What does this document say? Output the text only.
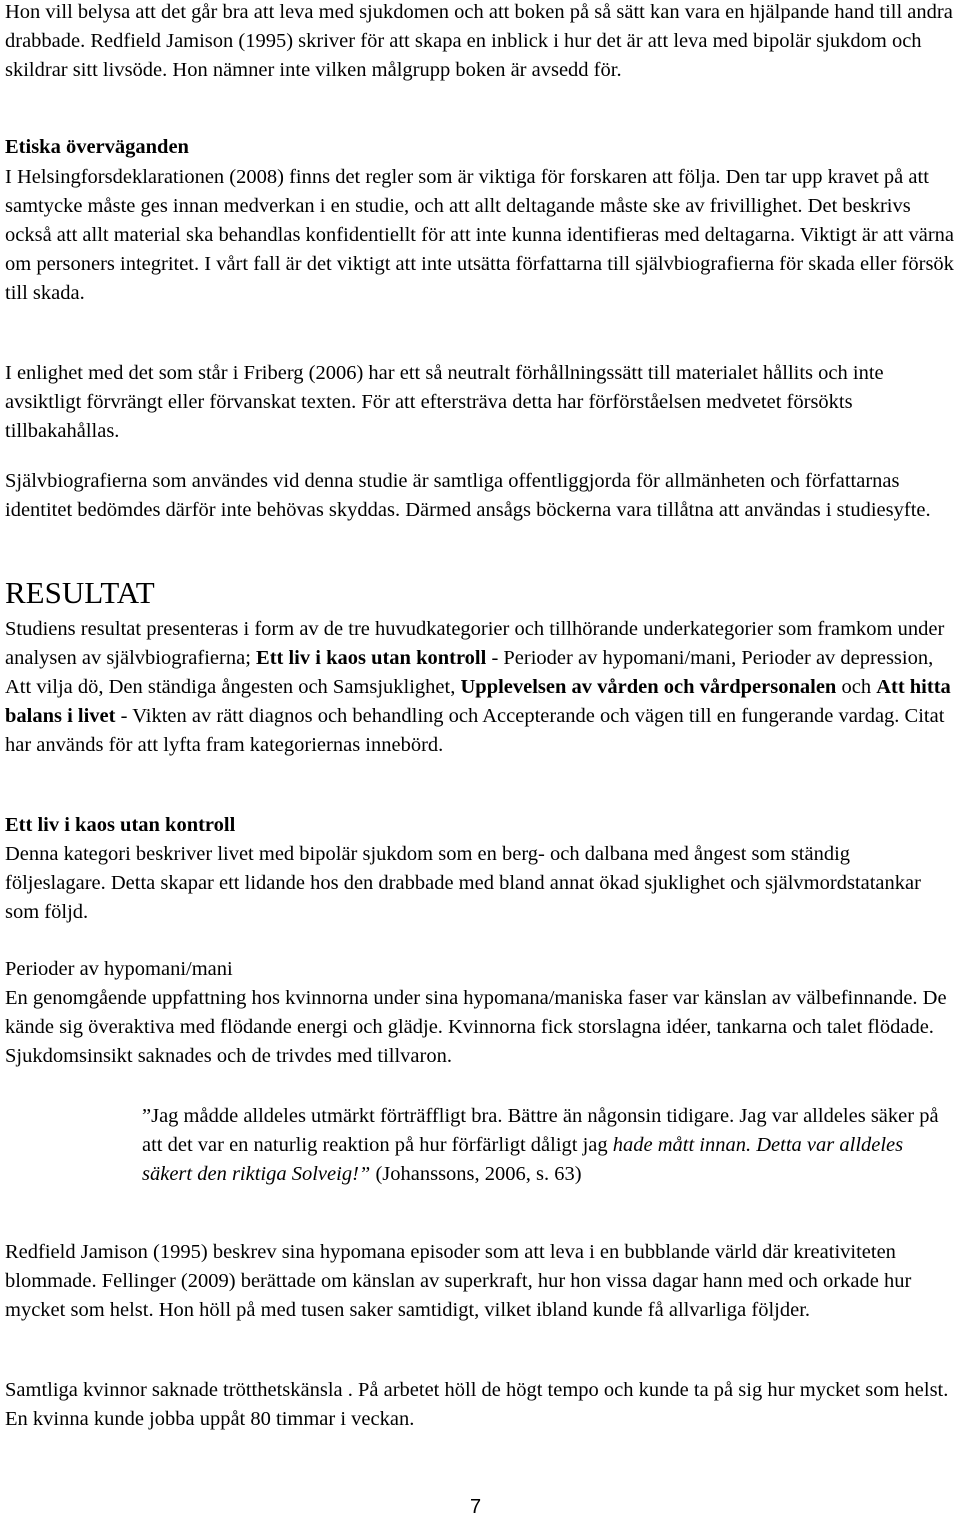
Hon vill belysa att det går bra att leva med sjukdomen och att boken på så sätt kan vara en hjälpande hand till andra drabbade. Redfield Jamison (1995) skriver för att skapa en inblick i hur det är att leva med bipolär sjukdom och skildrar sitt livsöde. Hon nämner inte vilken målgrupp boken är avsedd för.

Etiska överväganden

I Helsingforsdeklarationen (2008) finns det regler som är viktiga för forskaren att följa. Den tar upp kravet på att samtycke måste ges innan medverkan i en studie, och att allt deltagande måste ske av frivillighet. Det beskrivs också att allt material ska behandlas konfidentiellt för att inte kunna identifieras med deltagarna. Viktigt är att värna om personers integritet. I vårt fall är det viktigt att inte utsätta författarna till självbiografierna för skada eller försök till skada.

I enlighet med det som står i Friberg (2006) har ett så neutralt förhållningssätt till materialet hållits och inte avsiktligt förvrängt eller förvanskat texten. För att eftersträva detta har förförståelsen medvetet försökts tillbakahållas.

Självbiografierna som användes vid denna studie är samtliga offentliggjorda för allmänheten och författarnas identitet bedömdes därför inte behövas skyddas. Därmed ansågs böckerna vara tillåtna att användas i studiesyfte.

RESULTAT

Studiens resultat presenteras i form av de tre huvudkategorier och tillhörande underkategorier som framkom under analysen av självbiografierna; Ett liv i kaos utan kontroll - Perioder av hypomani/mani, Perioder av depression, Att vilja dö, Den ständiga ångesten och Samsjuklighet, Upplevelsen av vården och vårdpersonalen och Att hitta balans i livet - Vikten av rätt diagnos och behandling och Accepterande och vägen till en fungerande vardag. Citat har används för att lyfta fram kategoriernas innebörd.

Ett liv i kaos utan kontroll

Denna kategori beskriver livet med bipolär sjukdom som en berg- och dalbana med ångest som ständig följeslagare. Detta skapar ett lidande hos den drabbade med bland annat ökad sjuklighet och självmordstatankar som följd.

Perioder av hypomani/mani

En genomgående uppfattning hos kvinnorna under sina hypomana/maniska faser var känslan av välbefinnande. De kände sig överaktiva med flödande energi och glädje. Kvinnorna fick storslagna idéer, tankarna och talet flödade. Sjukdomsinsikt saknades och de trivdes med tillvaron.

”Jag mådde alldeles utmärkt förträffligt bra. Bättre än någonsin tidigare. Jag var alldeles säker på att det var en naturlig reaktion på hur förfärligt dåligt jag hade mått innan. Detta var alldeles säkert den riktiga Solveig!” (Johanssons, 2006, s. 63)

Redfield Jamison (1995) beskrev sina hypomana episoder som att leva i en bubblande värld där kreativiteten blommade. Fellinger (2009) berättade om känslan av superkraft, hur hon vissa dagar hann med och orkade hur mycket som helst. Hon höll på med tusen saker samtidigt, vilket ibland kunde få allvarliga följder.

Samtliga kvinnor saknade trötthetskänsla . På arbetet höll de högt tempo och kunde ta på sig hur mycket som helst. En kvinna kunde jobba uppåt 80 timmar i veckan.

7
